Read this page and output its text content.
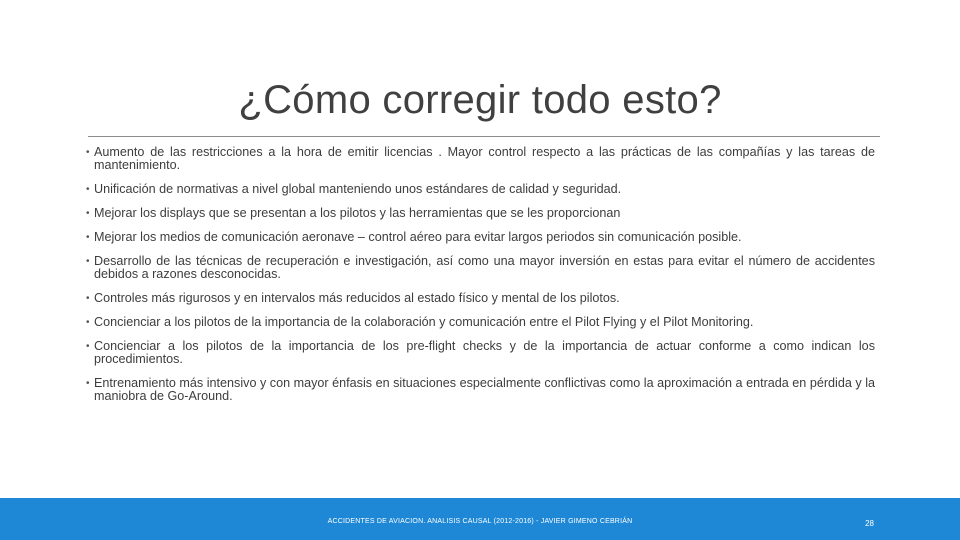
¿Cómo corregir todo esto?
• Aumento de las restricciones a la hora de emitir licencias . Mayor control respecto a las prácticas de las compañías y las tareas de mantenimiento.
• Unificación de normativas a nivel global manteniendo unos estándares de calidad y seguridad.
• Mejorar los displays que se presentan a los pilotos y las herramientas que se les proporcionan
• Mejorar los medios de comunicación aeronave – control aéreo para evitar largos periodos sin comunicación posible.
• Desarrollo de las técnicas de recuperación e investigación, así como una mayor inversión en estas para evitar el número de accidentes debidos a razones desconocidas.
• Controles más rigurosos y en intervalos más reducidos al estado físico y mental de los pilotos.
• Concienciar a los pilotos de la importancia de la colaboración y comunicación entre el Pilot Flying y el Pilot Monitoring.
• Concienciar a los pilotos de la importancia de los pre-flight checks y de la importancia de actuar conforme a como indican los procedimientos.
• Entrenamiento más intensivo y con mayor énfasis en situaciones especialmente conflictivas como la aproximación a entrada en pérdida y la maniobra de Go-Around.
ACCIDENTES DE AVIACION. ANALISIS CAUSAL (2012-2016) - JAVIER GIMENO CEBRIÁN	28
